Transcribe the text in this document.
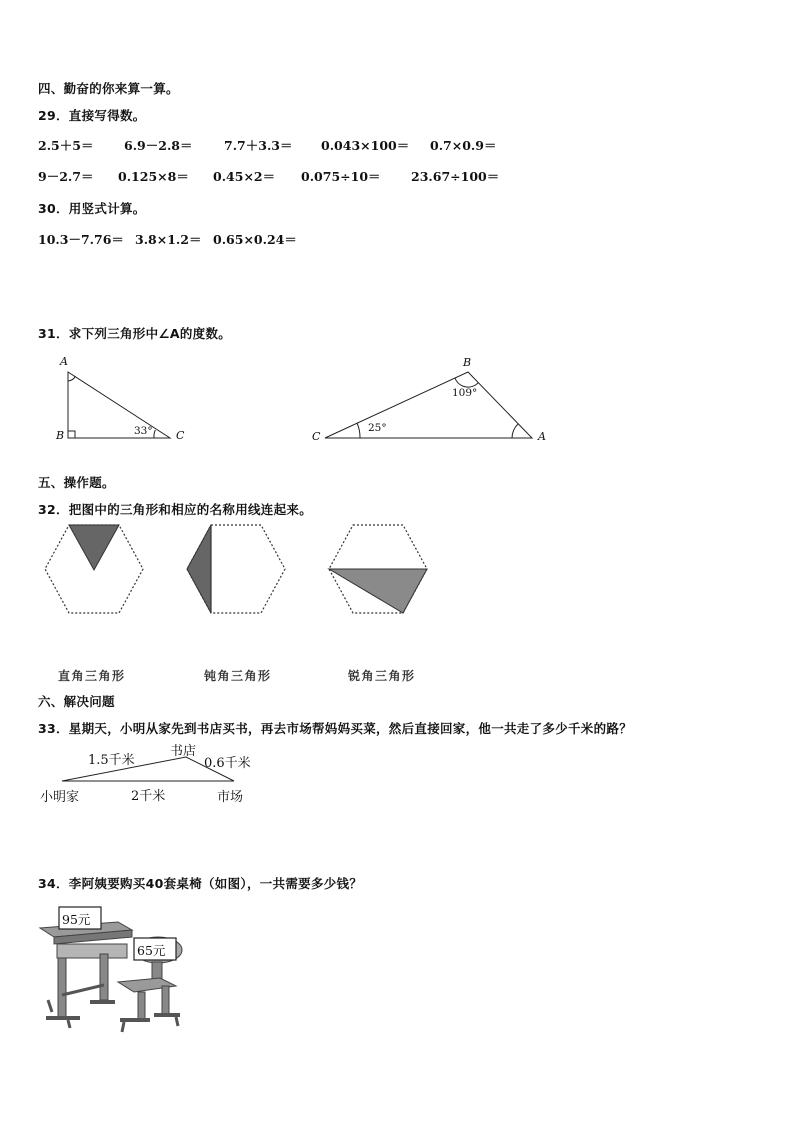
四、勤奋的你来算一算。
29．直接写得数。
2.5＋5＝ 6.9－2.8＝	7.7＋3.3＝ 0.043×100＝ 0.7×0.9＝
9－2.7＝ 0.125×8＝ 0.45×2＝ 0.075÷10＝ 23.67÷100＝
30．用竖式计算。
10.3－7.76＝ 3.8×1.2＝ 0.65×0.24＝
31．求下列三角形中∠A的度数。
A
B	C
33°
B
C	A
109°
25°
五、操作题。
32．把图中的三角形和相应的名称用线连起来。
直角三角形	钝角三角形	锐角三角形
六、解决问题
33．星期天，小明从家先到书店买书，再去市场帮妈妈买菜，然后直接回家，他一共走了多少千米的路？
1.5千米
书店
0.6千米
小明家	2千米	市场
34．李阿姨要购买40套桌椅（如图），一共需要多少钱？
95元
65元
